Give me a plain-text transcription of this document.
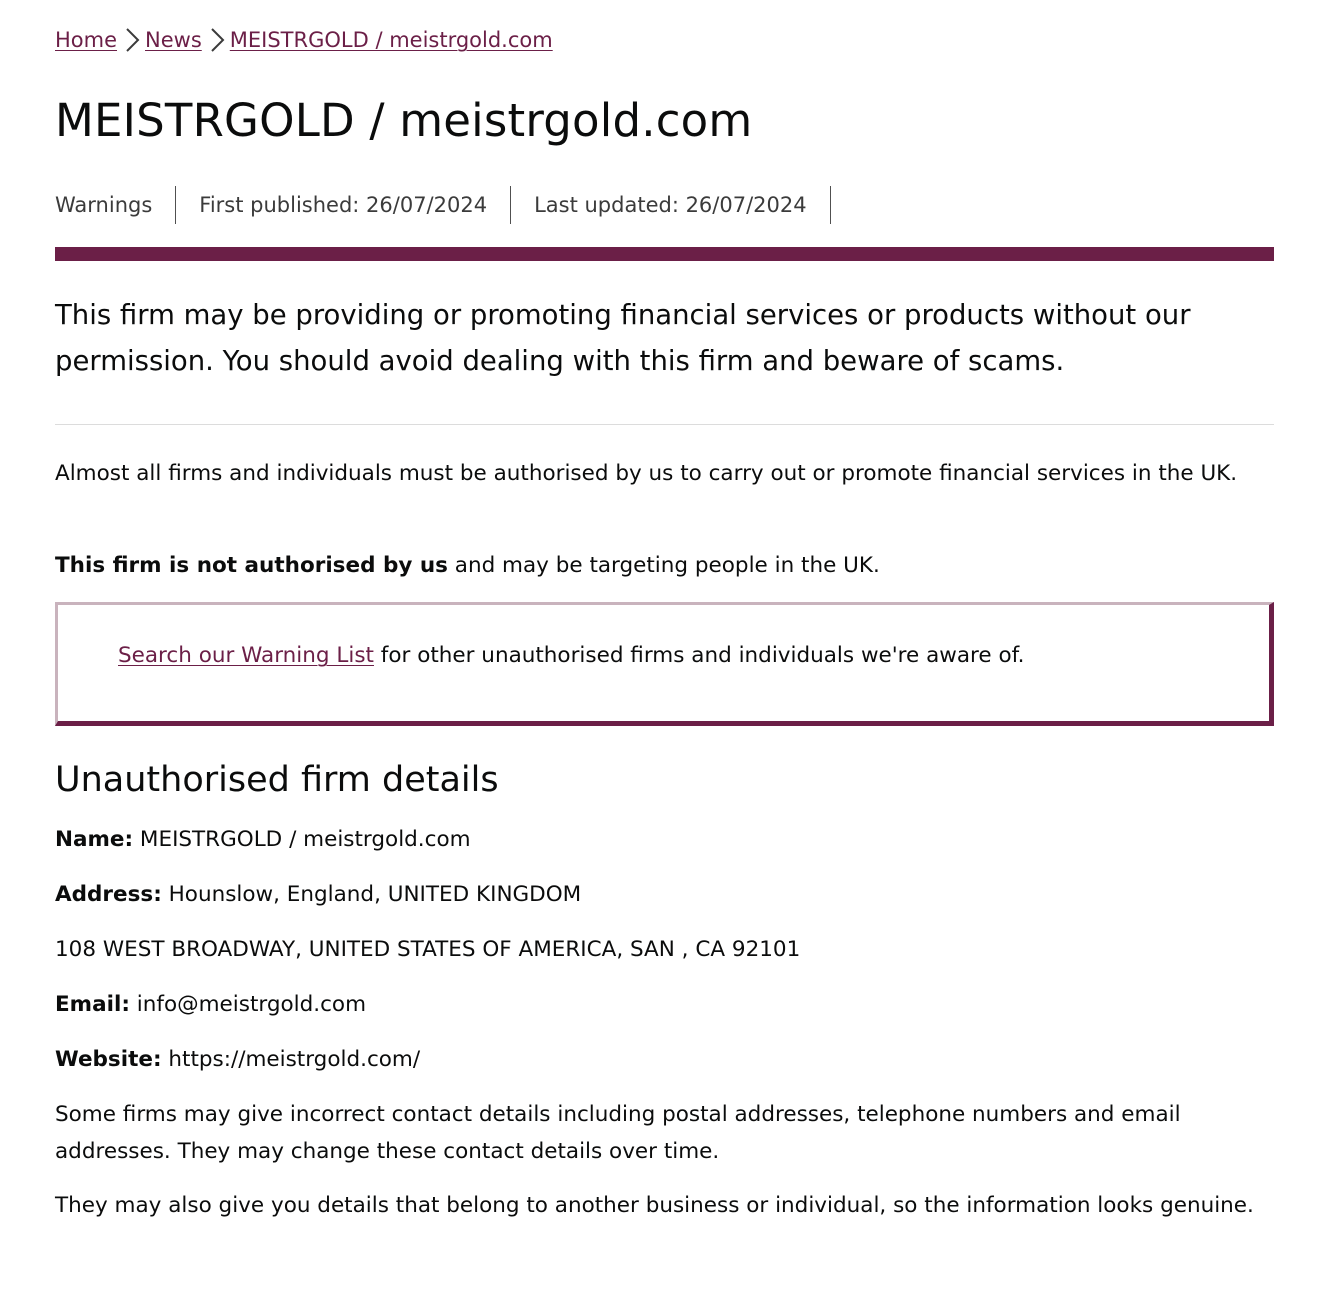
Home News MEISTRGOLD / meistrgold.com
MEISTRGOLD / meistrgold.com
Warnings	First published: 26/07/2024	Last updated: 26/07/2024

This firm may be providing or promoting financial services or products without our permission. You should avoid dealing with this firm and beware of scams.

Almost all firms and individuals must be authorised by us to carry out or promote financial services in the UK.

This firm is not authorised by us and may be targeting people in the UK.

Search our Warning List for other unauthorised firms and individuals we're aware of.
Unauthorised firm details

Name: MEISTRGOLD / meistrgold.com

Address: Hounslow, England, UNITED KINGDOM

108 WEST BROADWAY, UNITED STATES OF AMERICA, SAN , CA 92101

Email: info@meistrgold.com

Website: https://meistrgold.com/

Some firms may give incorrect contact details including postal addresses, telephone numbers and email addresses. They may change these contact details over time.

They may also give you details that belong to another business or individual, so the information looks genuine.
